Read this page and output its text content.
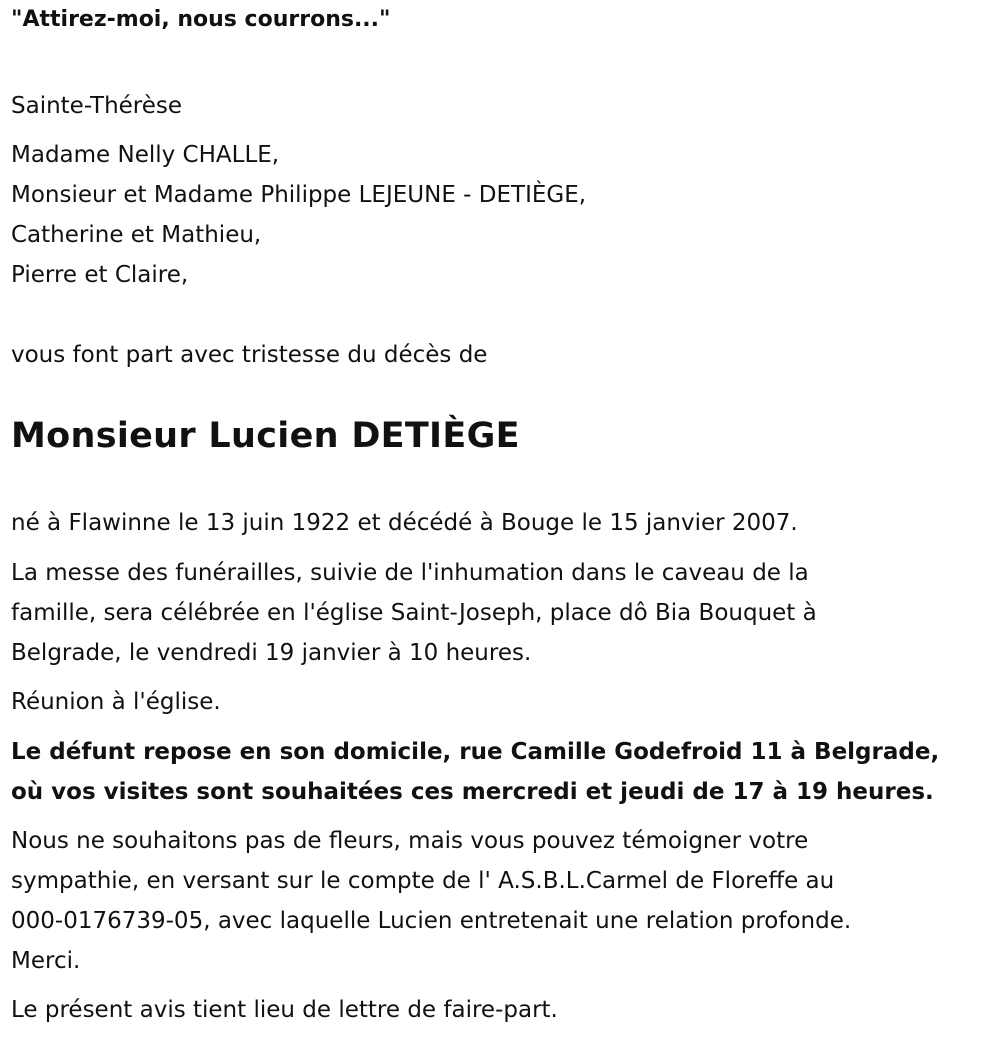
"Attirez-moi, nous courrons..."

Sainte-Thérèse

Madame Nelly CHALLE,

Monsieur et Madame Philippe LEJEUNE - DETIÈGE,

Catherine et Mathieu,

Pierre et Claire,

vous font part avec tristesse du décès de

Monsieur Lucien DETIÈGE

né à Flawinne le 13 juin 1922 et décédé à Bouge le 15 janvier 2007.

La messe des funérailles, suivie de l'inhumation dans le caveau de la

famille, sera célébrée en l'église Saint-Joseph, place dô Bia Bouquet à

Belgrade, le vendredi 19 janvier à 10 heures.

Réunion à l'église.

Le défunt repose en son domicile, rue Camille Godefroid 11 à Belgrade,

où vos visites sont souhaitées ces mercredi et jeudi de 17 à 19 heures.

Nous ne souhaitons pas de fleurs, mais vous pouvez témoigner votre

sympathie, en versant sur le compte de l' A.S.B.L.Carmel de Floreffe au

000-0176739-05, avec laquelle Lucien entretenait une relation profonde.

Merci.

Le présent avis tient lieu de lettre de faire-part.
